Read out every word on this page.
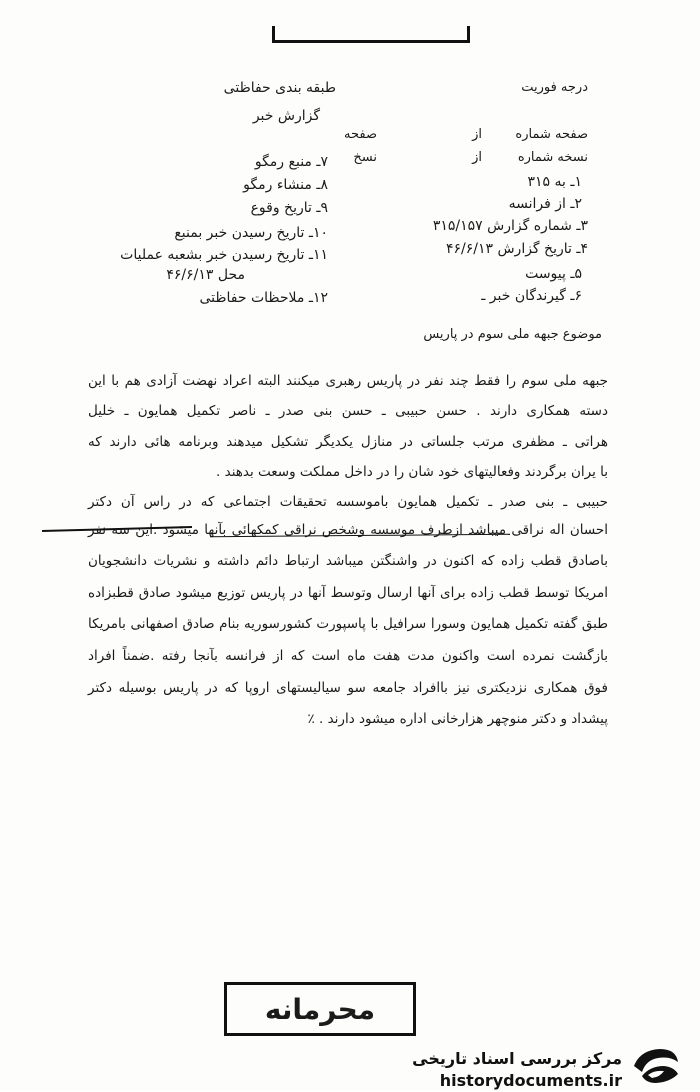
درجه فوریت
طبقه بندی حفاظتی
گزارش خبر
صفحه شماره
از
صفحه
نسخه شماره
از
نسخ
۱ـ به ۳۱۵
۲ـ از فرانسه
۳ـ شماره گزارش ۳۱۵/۱۵۷
۴ـ تاریخ گزارش ۴۶/۶/۱۳
۵ـ پیوست
۶ـ گیرندگان خبر ـ
۷ـ منبع رمگو
۸ـ منشاء رمگو
۹ـ تاریخ وقوع
۱۰ـ تاریخ رسیدن خبر بمنبع
۱۱ـ تاریخ رسیدن خبر بشعبه عملیات
محل ۴۶/۶/۱۳
۱۲ـ ملاحظات حفاظتی
موضوع جبهه ملی سوم در پاریس
جبهه ملی سوم را فقط چند نفر در پاریس رهبری میکنند البته اعراد نهضت آزادی هم با این
دسته همکاری دارند . حسن حبیبی ـ حسن بنی صدر ـ ناصر تکمیل همایون ـ خلیل
هراتی ـ مظفری مرتب جلساتی در منازل یکدیگر تشکیل میدهند وبرنامه هائی دارند که
با یران برگردند وفعالیتهای خود شان را در داخل مملکت وسعت بدهند .
حبیبی ـ بنی صدر ـ تکمیل همایون باموسسه تحقیقات اجتماعی که در راس آن دکتر
احسان اله نراقی میباشد ازطرف موسسه وشخص نراقی کمکهائی بآنها میشود .این سه نفر
باصادق قطب زاده که اکنون در واشنگتن میباشد ارتباط دائم داشته و نشریات دانشجویان
امریکا توسط قطب زاده برای آنها ارسال وتوسط آنها در پاریس توزیع میشود صادق قطبزاده
طبق گفته تکمیل همایون وسورا سرافیل با پاسپورت کشورسوریه بنام صادق اصفهانی بامریکا
بازگشت نمرده است واکنون مدت هفت ماه است که از فرانسه بآنجا رفته .ضمناً افراد
فوق همکاری نزدیکتری نیز باافراد جامعه سو سیالیستهای اروپا که در پاریس بوسیله دکتر
پیشداد و دکتر منوچهر هزارخانی اداره میشود دارند . ٪
محرمانه
مرکز بررسی اسناد تاریخی
historydocuments.ir
